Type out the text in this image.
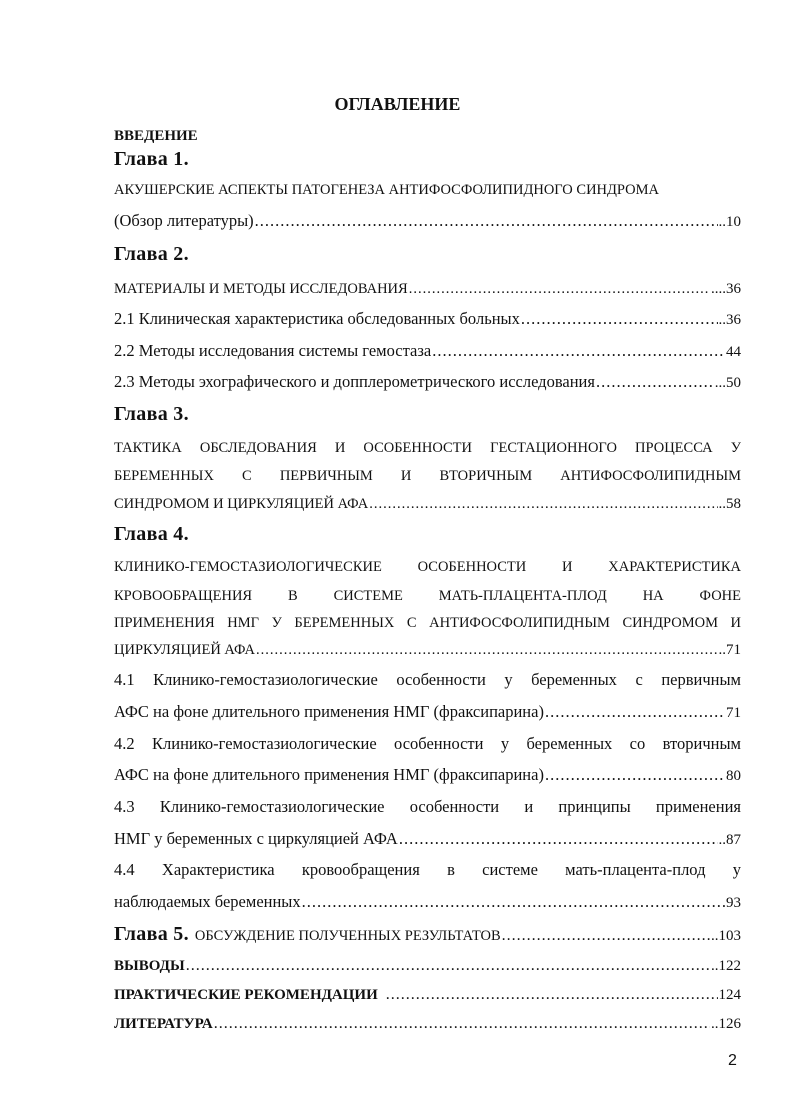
ОГЛАВЛЕНИЕ
ВВЕДЕНИЕ
Глава 1.
АКУШЕРСКИЕ АСПЕКТЫ ПАТОГЕНЕЗА АНТИФОСФОЛИПИДНОГО СИНДРОМА
(Обзор литературы) .....	..10
Глава 2.
МАТЕРИАЛЫ И МЕТОДЫ ИССЛЕДОВАНИЯ .....	....36
2.1 Клиническая характеристика обследованных больных .....	..36
2.2 Методы исследования системы гемостаза .....	44
2.3 Методы эхографического и допплерометрического исследования .....	...50
Глава 3.
ТАКТИКА ОБСЛЕДОВАНИЯ И ОСОБЕННОСТИ ГЕСТАЦИОННОГО ПРОЦЕССА У
БЕРЕМЕННЫХ С ПЕРВИЧНЫМ И ВТОРИЧНЫМ АНТИФОСФОЛИПИДНЫМ
СИНДРОМОМ И ЦИРКУЛЯЦИЕЙ АФА .....	..58
Глава 4.
КЛИНИКО-ГЕМОСТАЗИОЛОГИЧЕСКИЕ ОСОБЕННОСТИ И ХАРАКТЕРИСТИКА
КРОВООБРАЩЕНИЯ В СИСТЕМЕ МАТЬ-ПЛАЦЕНТА-ПЛОД НА ФОНЕ
ПРИМЕНЕНИЯ НМГ У БЕРЕМЕННЫХ С АНТИФОСФОЛИПИДНЫМ СИНДРОМОМ И
ЦИРКУЛЯЦИЕЙ АФА .....	..71
4.1 Клинико-гемостазиологические особенности у беременных с первичным
АФС на фоне длительного применения НМГ (фраксипарина) .....	71
4.2 Клинико-гемостазиологические особенности у беременных со вторичным
АФС на фоне длительного применения НМГ (фраксипарина) .....	80
4.3 Клинико-гемостазиологические особенности и принципы применения
НМГ у беременных с циркуляцией АФА .....	..87
4.4 Характеристика кровообращения в системе мать-плацента-плод у
наблюдаемых беременных .....	93
Глава 5. ОБСУЖДЕНИЕ ПОЛУЧЕННЫХ РЕЗУЛЬТАТОВ .....	..103
ВЫВОДЫ .....	..122
ПРАКТИЧЕСКИЕ РЕКОМЕНДАЦИИ .....	124
ЛИТЕРАТУРА .....	..126
2
